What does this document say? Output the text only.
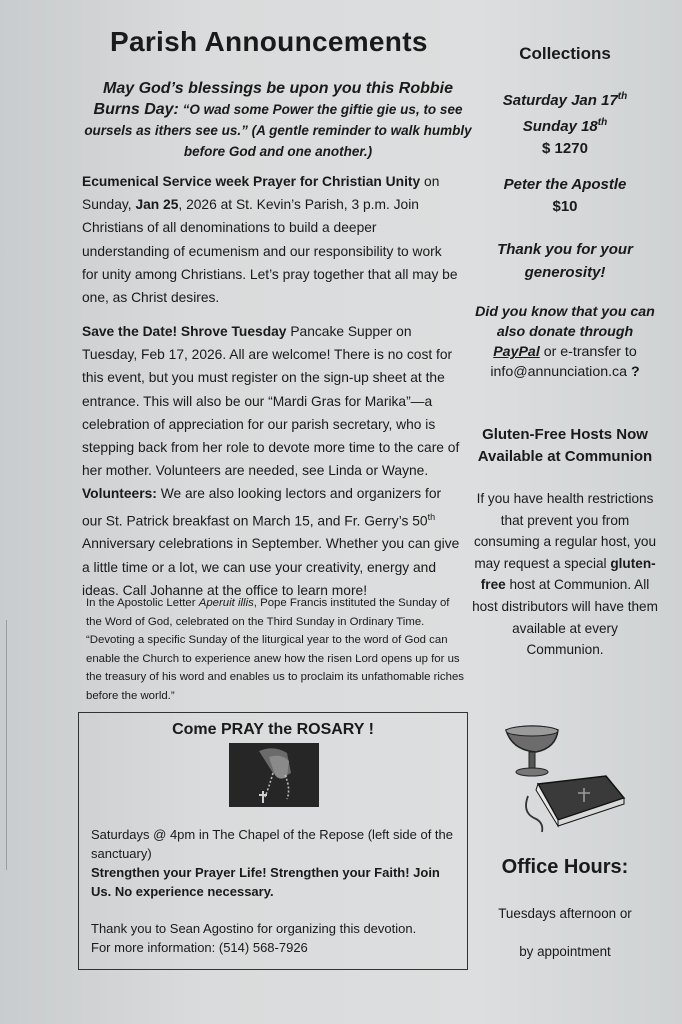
Parish Announcements
May God’s blessings be upon you this Robbie Burns Day: “O wad some Power the giftie gie us, to see oursels as ithers see us.” (A gentle reminder to walk humbly before God and one another.)

Ecumenical Service week Prayer for Christian Unity on Sunday, Jan 25, 2026 at St. Kevin’s Parish, 3 p.m. Join Christians of all denominations to build a deeper understanding of ecumenism and our responsibility to work for unity among Christians. Let’s pray together that all may be one, as Christ desires.

Save the Date! Shrove Tuesday Pancake Supper on Tuesday, Feb 17, 2026. All are welcome! There is no cost for this event, but you must register on the sign-up sheet at the entrance. This will also be our “Mardi Gras for Marika”—a celebration of appreciation for our parish secretary, who is stepping back from her role to devote more time to the care of her mother. Volunteers are needed, see Linda or Wayne. Volunteers: We are also looking lectors and organizers for our St. Patrick breakfast on March 15, and Fr. Gerry’s 50th Anniversary celebrations in September. Whether you can give a little time or a lot, we can use your creativity, energy and ideas. Call Johanne at the office to learn more!

In the Apostolic Letter Aperuit illis, Pope Francis instituted the Sunday of the Word of God, celebrated on the Third Sunday in Ordinary Time. “Devoting a specific Sunday of the liturgical year to the word of God can enable the Church to experience anew how the risen Lord opens up for us the treasury of his word and enables us to proclaim its unfathomable riches before the world.”

Come PRAY the ROSARY !
Saturdays @ 4pm in The Chapel of the Repose (left side of the sanctuary)
Strengthen your Prayer Life! Strengthen your Faith! Join Us. No experience necessary.
Thank you to Sean Agostino for organizing this devotion.
For more information: (514) 568-7926
Collections
Saturday Jan 17th
Sunday 18th
$ 1270
Peter the Apostle
$10
Thank you for your generosity!
Did you know that you can also donate through PayPal or e-transfer to info@annunciation.ca ?
Gluten-Free Hosts Now Available at Communion
If you have health restrictions that prevent you from consuming a regular host, you may request a special gluten-free host at Communion. All host distributors will have them available at every Communion.
Office Hours:
Tuesdays afternoon or
by appointment
